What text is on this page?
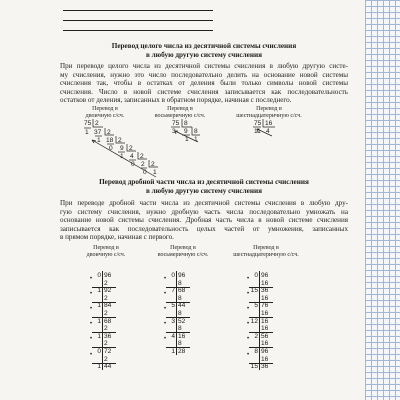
Перевод целого числа из десятичной системы счисления
в любую другую систему счисления
При переводе целого числа из десятичной системы счисления в любую другую систе-
му счисления, нужно это число последовательно делить на основание новой системы
счисления так, чтобы в остатках от деления были только символы новой системы
счисления. Число в новой системе счисления записывается как последовательность
остатков от деления, записанных в обратном порядке, начиная с последнего.
Перевод в
двоичную с/сч.
Перевод в
восьмеричную с/сч.
Перевод в
шестнадцатеричную с/сч.
75 2
1 37 2
1 18 2
0 9 2
1 4 2
0 2 2
0 1
75 8
3 9 8
1 1
75 16
11 4
Перевод дробной части числа из десятичной системы счисления
в любую другую систему счисления
При переводе дробной части числа из десятичной системы счисления в любую дру-
гую систему счисления, нужно дробную часть числа последовательно умножать на
основание новой системы счисления. Дробная часть числа в новой системе счисления
записывается как последовательность целых частей от умножения, записанных
в прямом порядке, начиная с первого.
Перевод в
двоичную с/сч.
Перевод в
восьмеричную с/сч.
Перевод в
шестнадцатеричную с/сч.
0 96
2
•
1 92
2
•
1 84
2
•
1 68
2
•
1 36
2
•
0 72
2
•
1 44
0 96
8
•
7 68
8
•
5 44
8
•
3 52
8
•
4 16
8
•
1 28
0 96
16
•
15 36
16
•
5 76
16
•
12 16
16
•
2 56
16
•
8 96
16
•
15 36
